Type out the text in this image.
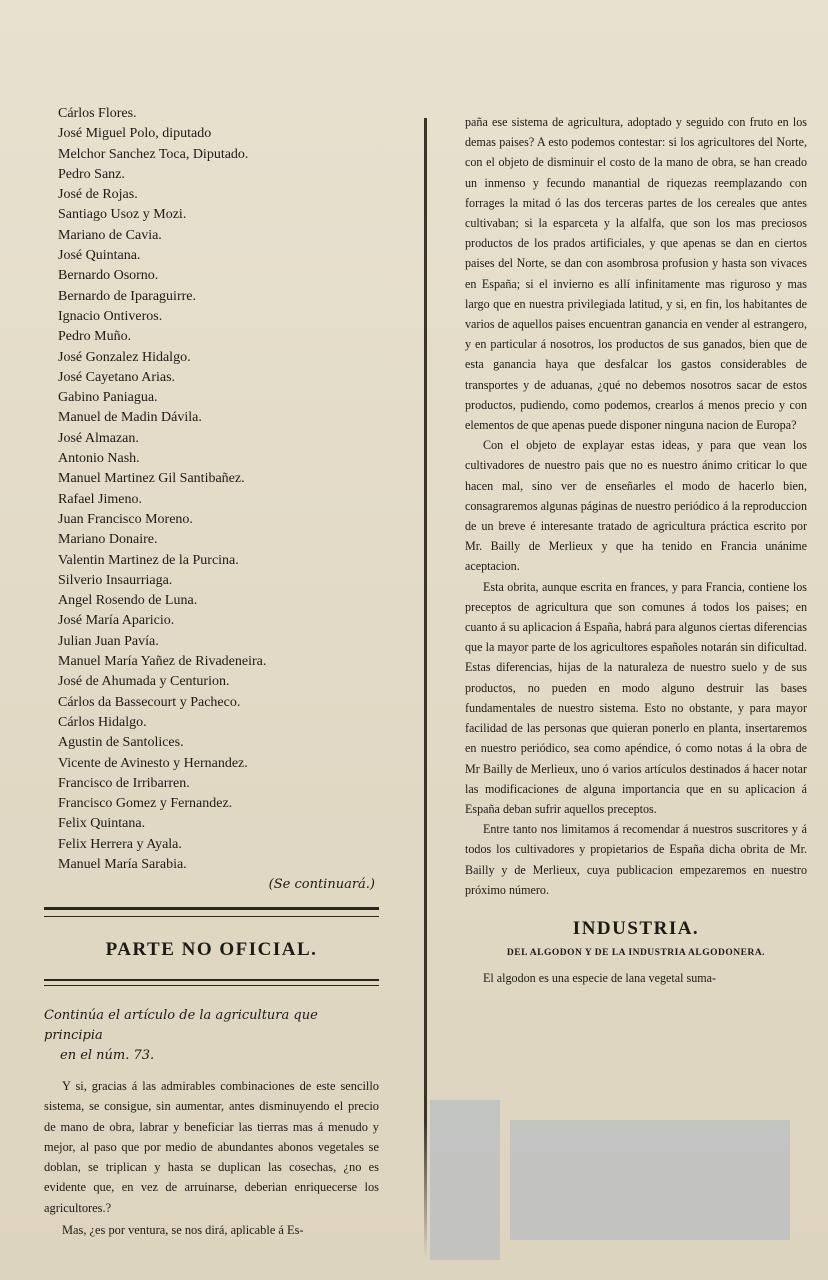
Cárlos Flores.
José Miguel Polo, diputado
Melchor Sanchez Toca, Diputado.
Pedro Sanz.
José de Rojas.
Santiago Usoz y Mozi.
Mariano de Cavia.
José Quintana.
Bernardo Osorno.
Bernardo de Iparaguirre.
Ignacio Ontiveros.
Pedro Muño.
José Gonzalez Hidalgo.
José Cayetano Arias.
Gabino Paniagua.
Manuel de Madin Dávila.
José Almazan.
Antonio Nash.
Manuel Martinez Gil Santibañez.
Rafael Jimeno.
Juan Francisco Moreno.
Mariano Donaire.
Valentin Martinez de la Purcina.
Silverio Insaurriaga.
Angel Rosendo de Luna.
José María Aparicio.
Julian Juan Pavía.
Manuel María Yañez de Rivadeneira.
José de Ahumada y Centurion.
Cárlos da Bassecourt y Pacheco.
Cárlos Hidalgo.
Agustin de Santolices.
Vicente de Avinesto y Hernandez.
Francisco de Irribarren.
Francisco Gomez y Fernandez.
Felix Quintana.
Felix Herrera y Ayala.
Manuel María Sarabia.
(Se continuará.)
PARTE NO OFICIAL.
Continúa el artículo de la agricultura que principia
en el núm. 73.

Y si, gracias á las admirables combinaciones de este sencillo sistema, se consigue, sin aumentar, antes disminuyendo el precio de mano de obra, labrar y beneficiar las tierras mas á menudo y mejor, al paso que por medio de abundantes abonos vegetales se doblan, se triplican y hasta se duplican las cosechas, ¿no es evidente que, en vez de arruinarse, deberian enriquecerse los agricultores.?

Mas, ¿es por ventura, se nos dirá, aplicable á Es-

paña ese sistema de agricultura, adoptado y seguido con fruto en los demas paises? A esto podemos contestar: si los agricultores del Norte, con el objeto de disminuir el costo de la mano de obra, se han creado un inmenso y fecundo manantial de riquezas reemplazando con forrages la mitad ó las dos terceras partes de los cereales que antes cultivaban; si la esparceta y la alfalfa, que son los mas preciosos productos de los prados artificiales, y que apenas se dan en ciertos paises del Norte, se dan con asombrosa profusion y hasta son vivaces en España; si el invierno es allí infinitamente mas riguroso y mas largo que en nuestra privilegiada latitud, y si, en fin, los habitantes de varios de aquellos paises encuentran ganancia en vender al estrangero, y en particular á nosotros, los productos de sus ganados, bien que de esta ganancia haya que desfalcar los gastos considerables de transportes y de aduanas, ¿qué no debemos nosotros sacar de estos productos, pudiendo, como podemos, crearlos á menos precio y con elementos de que apenas puede disponer ninguna nacion de Europa?

Con el objeto de explayar estas ideas, y para que vean los cultivadores de nuestro pais que no es nuestro ánimo criticar lo que hacen mal, sino ver de enseñarles el modo de hacerlo bien, consagraremos algunas páginas de nuestro periódico á la reproduccion de un breve é interesante tratado de agricultura práctica escrito por Mr. Bailly de Merlieux y que ha tenido en Francia unánime aceptacion.

Esta obrita, aunque escrita en frances, y para Francia, contiene los preceptos de agricultura que son comunes á todos los paises; en cuanto á su aplicacion á España, habrá para algunos ciertas diferencias que la mayor parte de los agricultores españoles notarán sin dificultad. Estas diferencias, hijas de la naturaleza de nuestro suelo y de sus productos, no pueden en modo alguno destruir las bases fundamentales de nuestro sistema. Esto no obstante, y para mayor facilidad de las personas que quieran ponerlo en planta, insertaremos en nuestro periódico, sea como apéndice, ó como notas á la obra de Mr Bailly de Merlieux, uno ó varios artículos destinados á hacer notar las modificaciones de alguna importancia que en su aplicacion á España deban sufrir aquellos preceptos.

Entre tanto nos limitamos á recomendar á nuestros suscritores y á todos los cultivadores y propietarios de España dicha obrita de Mr. Bailly y de Merlieux, cuya publicacion empezaremos en nuestro próximo número.

INDUSTRIA.
DEL ALGODON Y DE LA INDUSTRIA ALGODONERA.

El algodon es una especie de lana vegetal suma-
